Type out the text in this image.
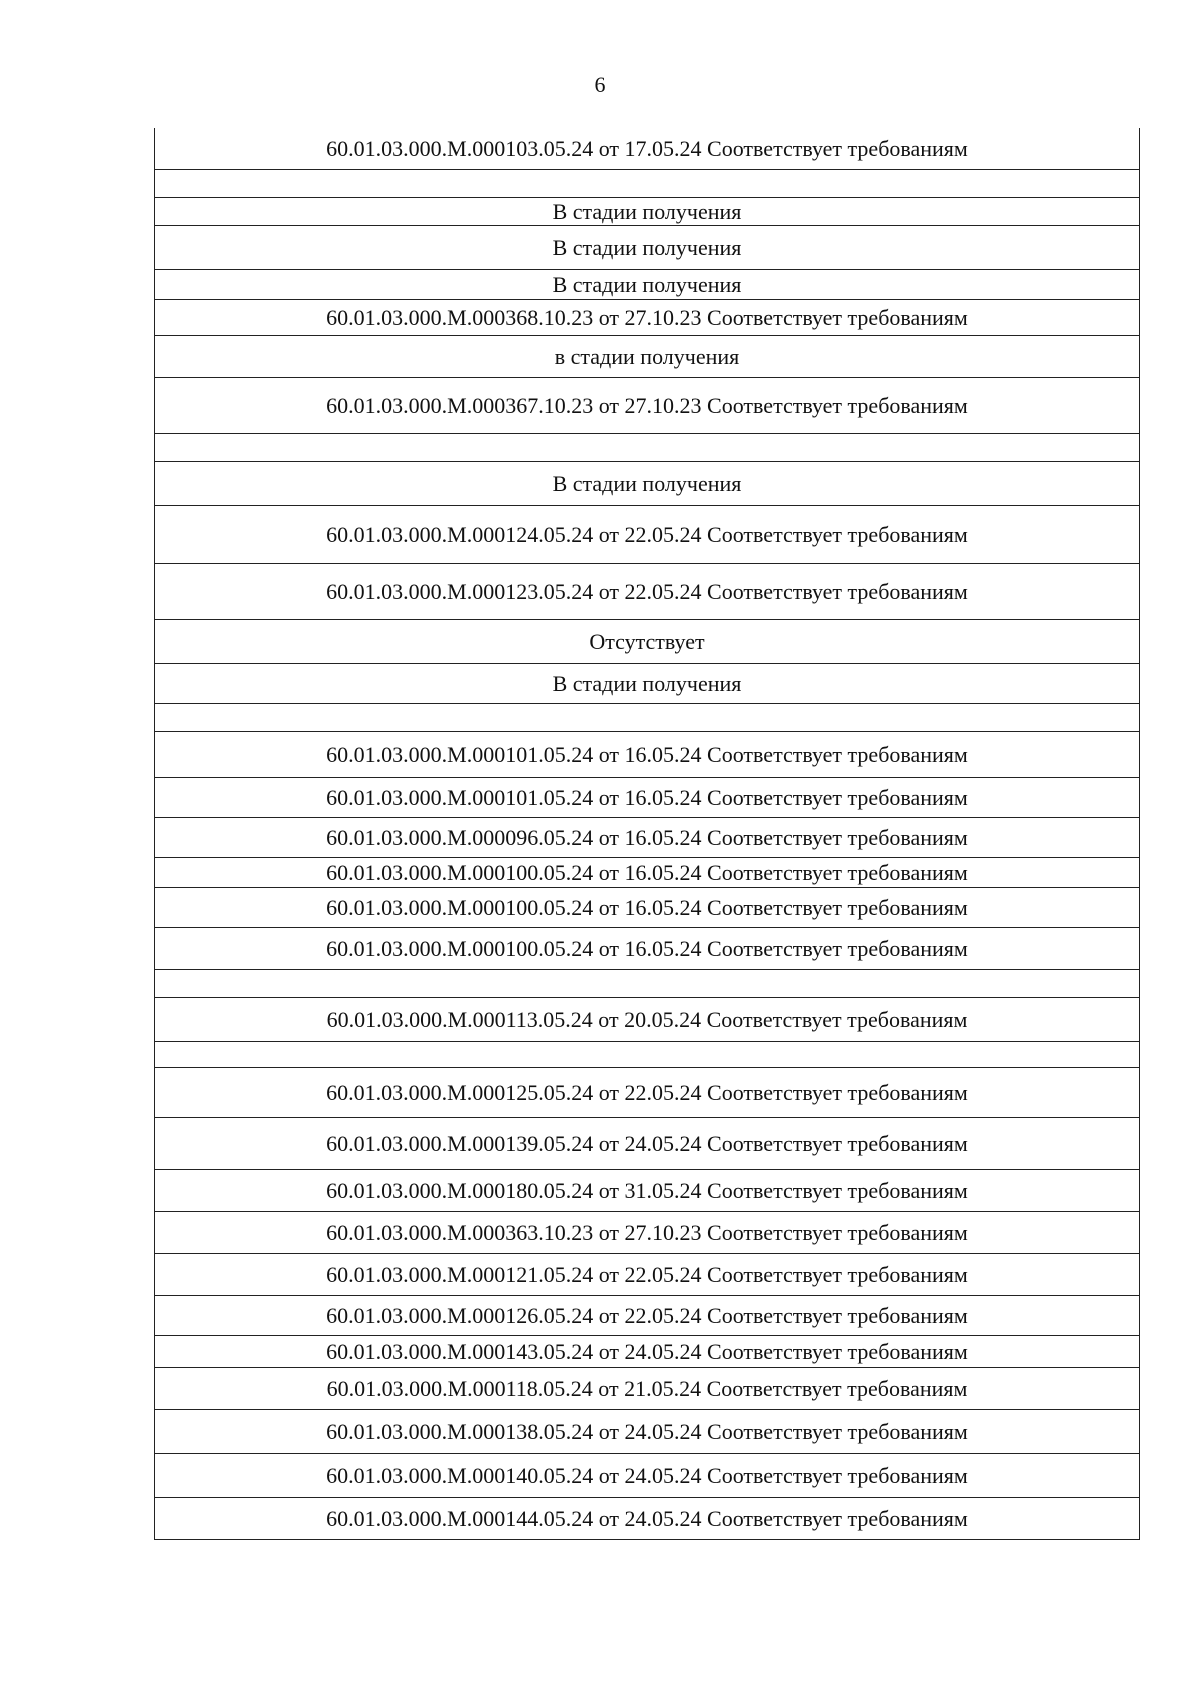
6
60.01.03.000.М.000103.05.24 от 17.05.24 Соответствует требованиям
В стадии получения
В стадии получения
В стадии получения
60.01.03.000.М.000368.10.23 от 27.10.23 Соответствует требованиям
в стадии получения
60.01.03.000.М.000367.10.23 от 27.10.23 Соответствует требованиям
В стадии получения
60.01.03.000.М.000124.05.24 от 22.05.24 Соответствует требованиям
60.01.03.000.М.000123.05.24 от 22.05.24 Соответствует требованиям
Отсутствует
В стадии получения
60.01.03.000.М.000101.05.24 от 16.05.24 Соответствует требованиям
60.01.03.000.М.000101.05.24 от 16.05.24 Соответствует требованиям
60.01.03.000.М.000096.05.24 от 16.05.24 Соответствует требованиям
60.01.03.000.М.000100.05.24 от 16.05.24 Соответствует требованиям
60.01.03.000.М.000100.05.24 от 16.05.24 Соответствует требованиям
60.01.03.000.М.000100.05.24 от 16.05.24 Соответствует требованиям
60.01.03.000.М.000113.05.24 от 20.05.24 Соответствует требованиям
60.01.03.000.М.000125.05.24 от 22.05.24 Соответствует требованиям
60.01.03.000.М.000139.05.24 от 24.05.24 Соответствует требованиям
60.01.03.000.М.000180.05.24 от 31.05.24 Соответствует требованиям
60.01.03.000.М.000363.10.23 от 27.10.23 Соответствует требованиям
60.01.03.000.М.000121.05.24 от 22.05.24 Соответствует требованиям
60.01.03.000.М.000126.05.24 от 22.05.24 Соответствует требованиям
60.01.03.000.М.000143.05.24 от 24.05.24 Соответствует требованиям
60.01.03.000.М.000118.05.24 от 21.05.24 Соответствует требованиям
60.01.03.000.М.000138.05.24 от 24.05.24 Соответствует требованиям
60.01.03.000.М.000140.05.24 от 24.05.24 Соответствует требованиям
60.01.03.000.М.000144.05.24 от 24.05.24 Соответствует требованиям
